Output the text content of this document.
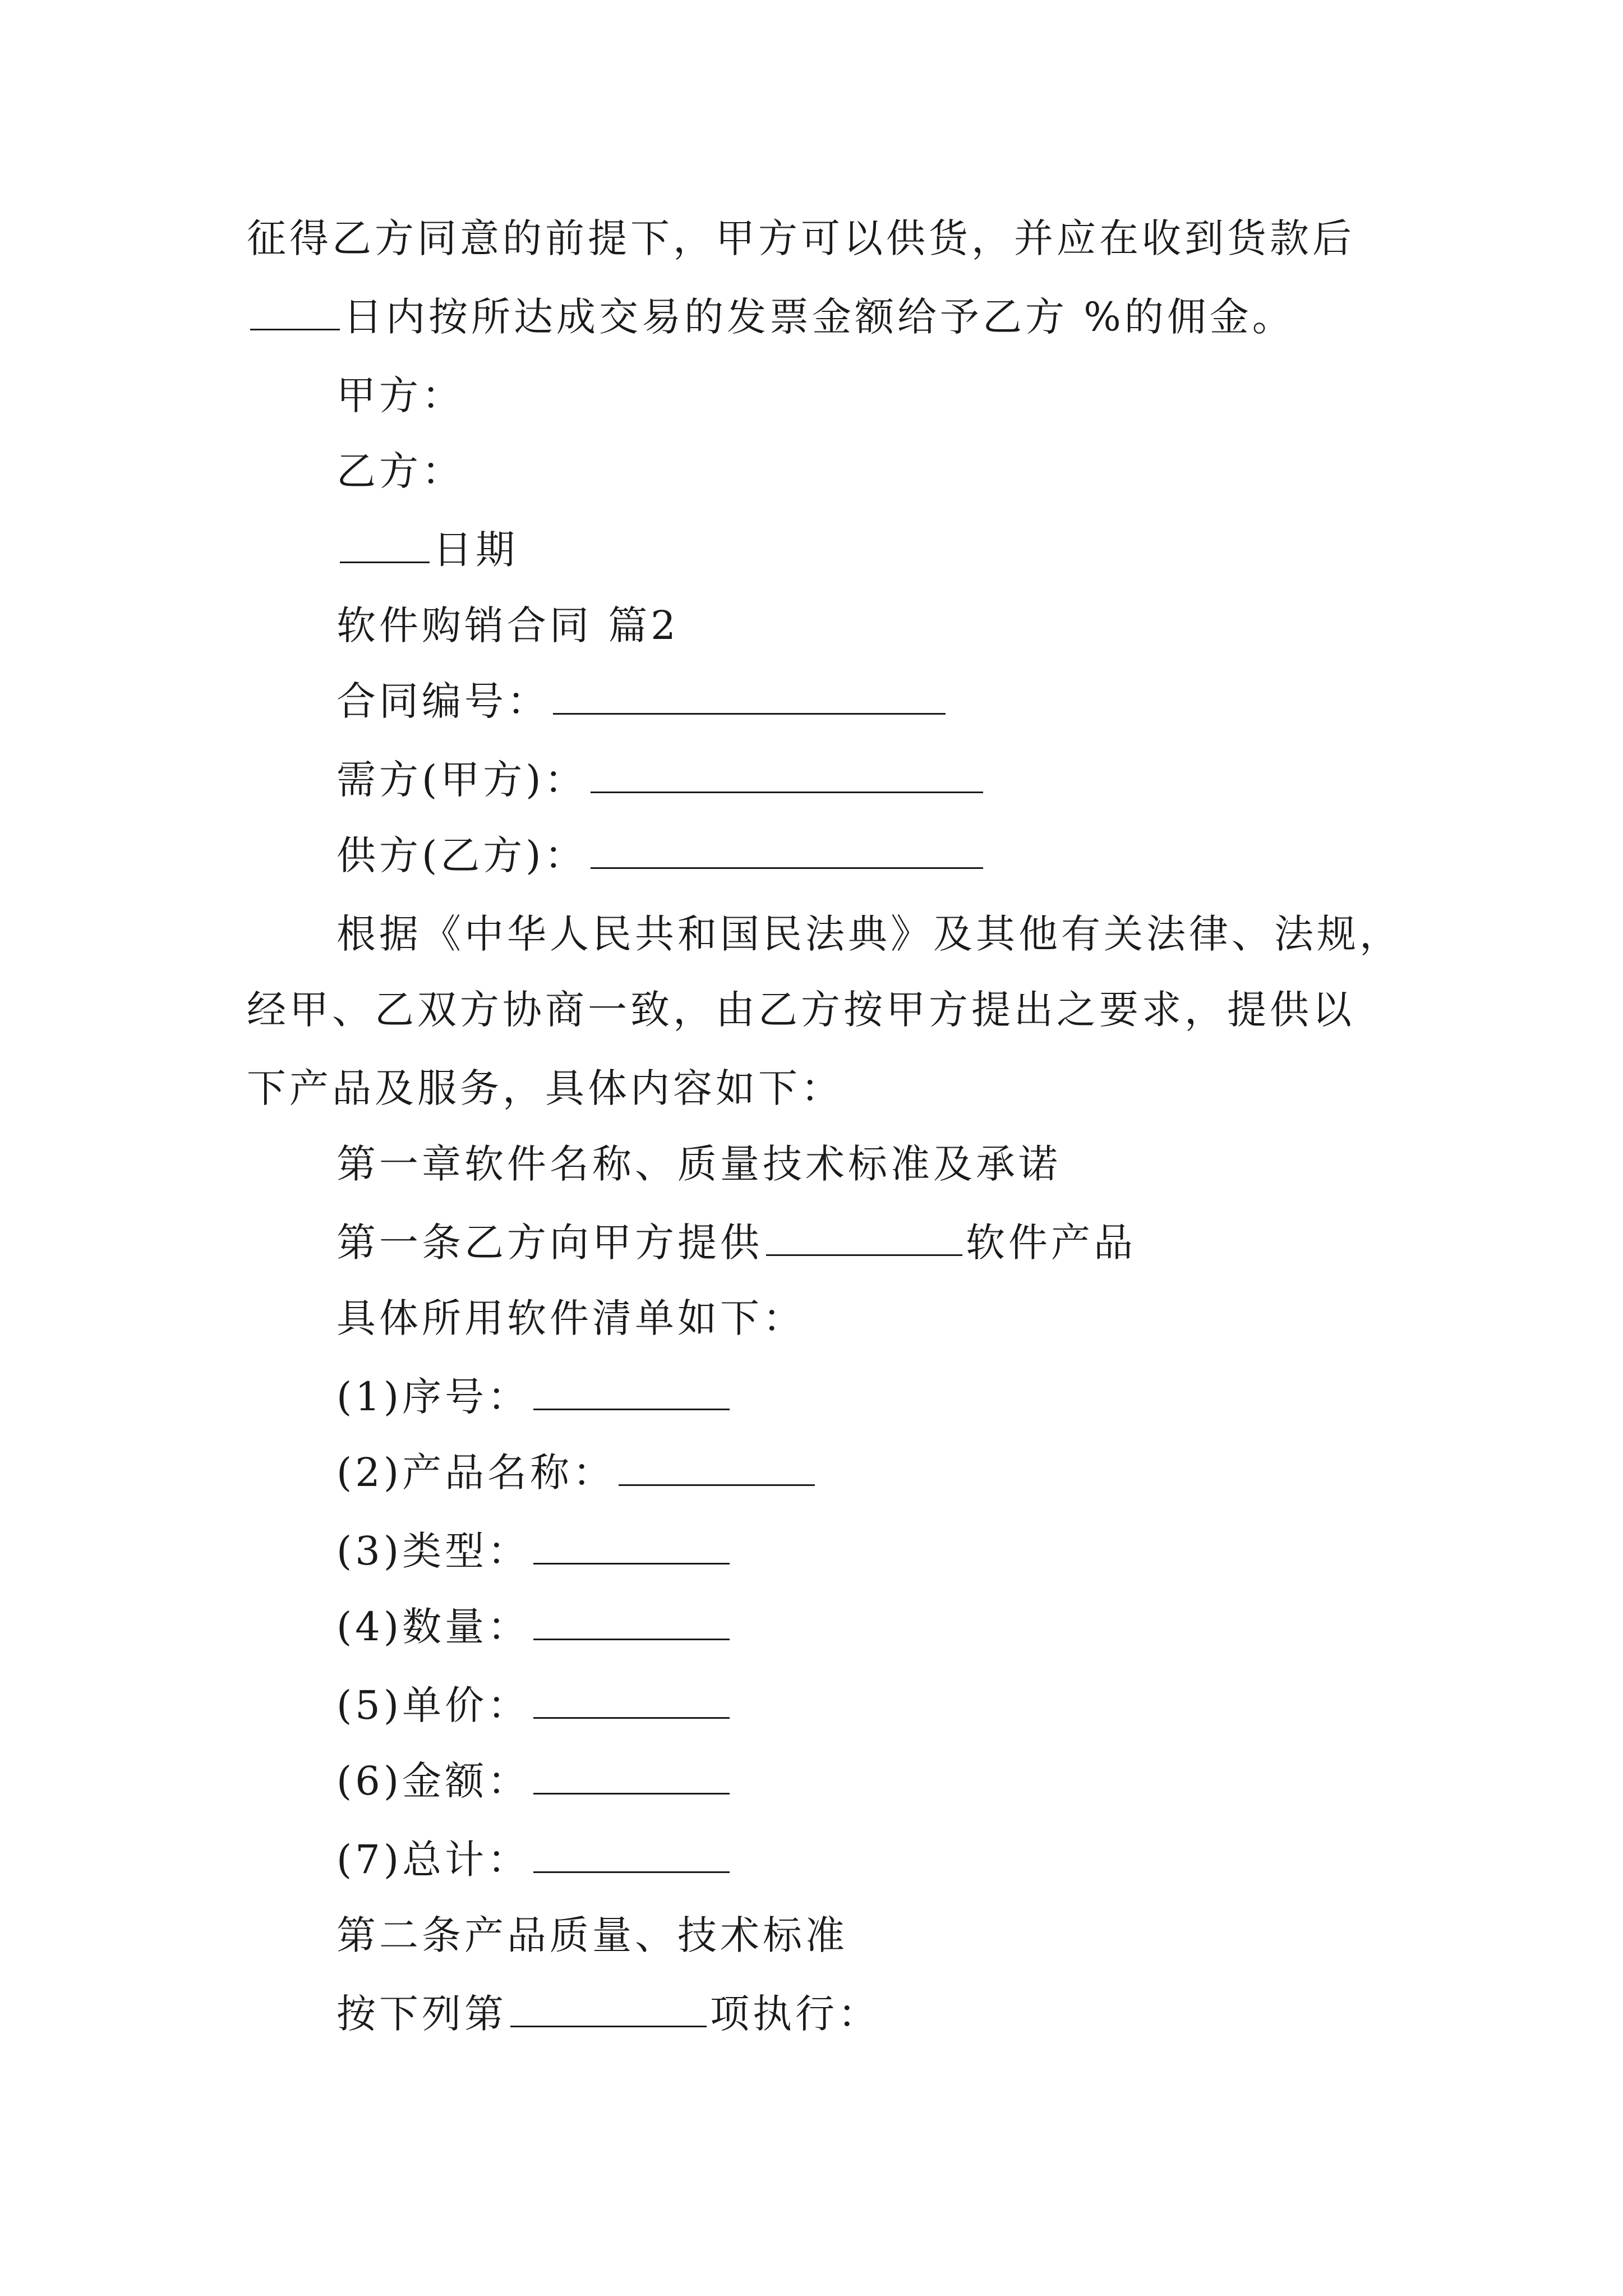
征得乙方同意的前提下，甲方可以供货，并应在收到货款后
日内按所达成交易的发票金额给予乙方 %的佣金。
甲方：
乙方：
日期
软件购销合同 篇2
合同编号：
需方(甲方)：
供方(乙方)：
根据《中华人民共和国民法典》及其他有关法律、法规，
经甲、乙双方协商一致，由乙方按甲方提出之要求，提供以
下产品及服务，具体内容如下：
第一章软件名称、质量技术标准及承诺
第一条乙方向甲方提供	软件产品
具体所用软件清单如下：
(1)序号：
(2)产品名称：
(3)类型：
(4)数量：
(5)单价：
(6)金额：
(7)总计：
第二条产品质量、技术标准
按下列第	项执行：
